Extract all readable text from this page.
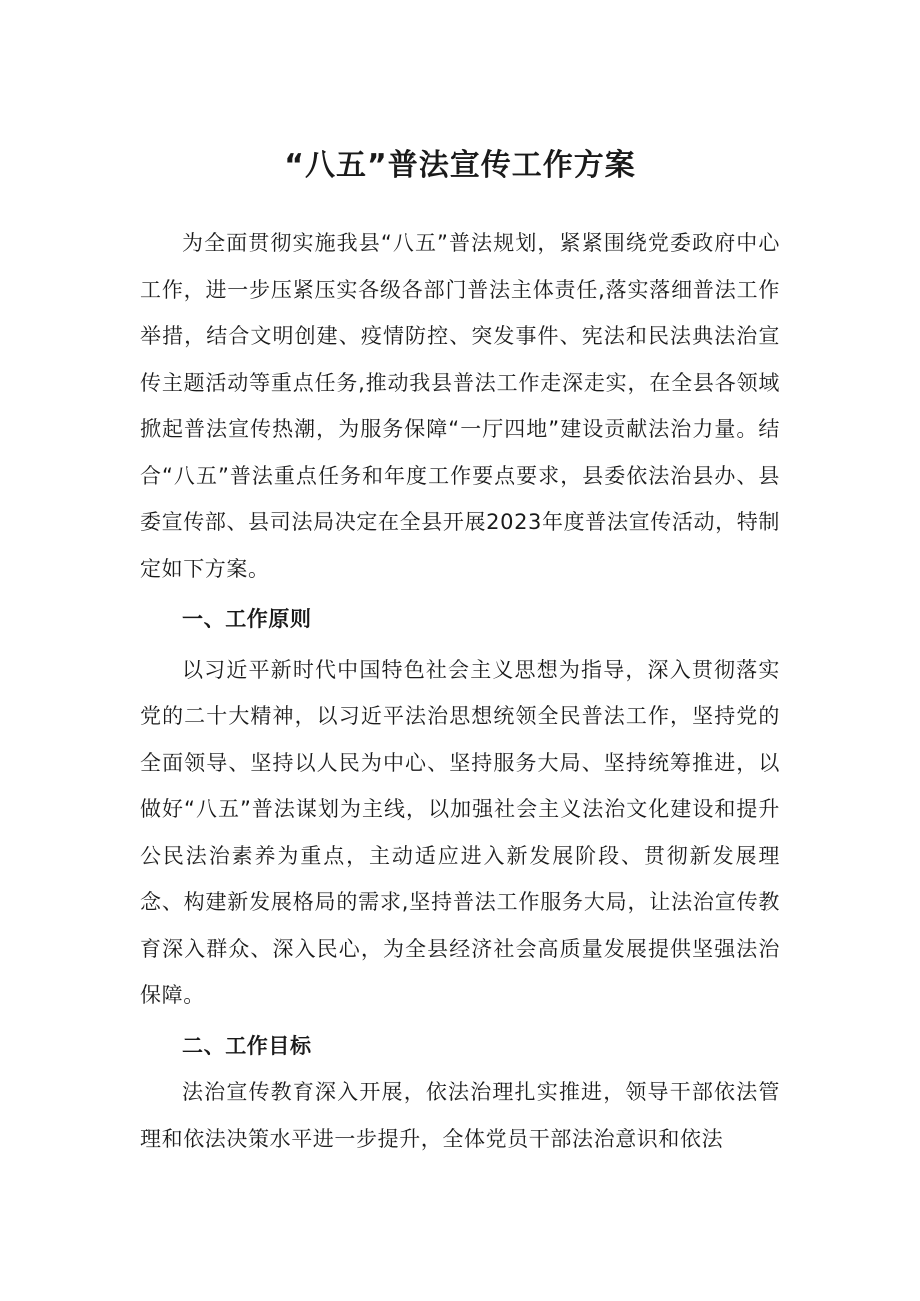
“八五”普法宣传工作方案

为全面贯彻实施我县“八五”普法规划，紧紧围绕党委政府中心工作，进一步压紧压实各级各部门普法主体责任,落实落细普法工作举措，结合文明创建、疫情防控、突发事件、宪法和民法典法治宣传主题活动等重点任务,推动我县普法工作走深走实，在全县各领域掀起普法宣传热潮，为服务保障“一厅四地”建设贡献法治力量。结合“八五”普法重点任务和年度工作要点要求，县委依法治县办、县委宣传部、县司法局决定在全县开展2023年度普法宣传活动，特制定如下方案。

一、工作原则

以习近平新时代中国特色社会主义思想为指导，深入贯彻落实党的二十大精神，以习近平法治思想统领全民普法工作，坚持党的全面领导、坚持以人民为中心、坚持服务大局、坚持统筹推进，以做好“八五”普法谋划为主线，以加强社会主义法治文化建设和提升公民法治素养为重点，主动适应进入新发展阶段、贯彻新发展理念、构建新发展格局的需求,坚持普法工作服务大局，让法治宣传教育深入群众、深入民心，为全县经济社会高质量发展提供坚强法治保障。

二、工作目标

法治宣传教育深入开展，依法治理扎实推进，领导干部依法管理和依法决策水平进一步提升，全体党员干部法治意识和依法
